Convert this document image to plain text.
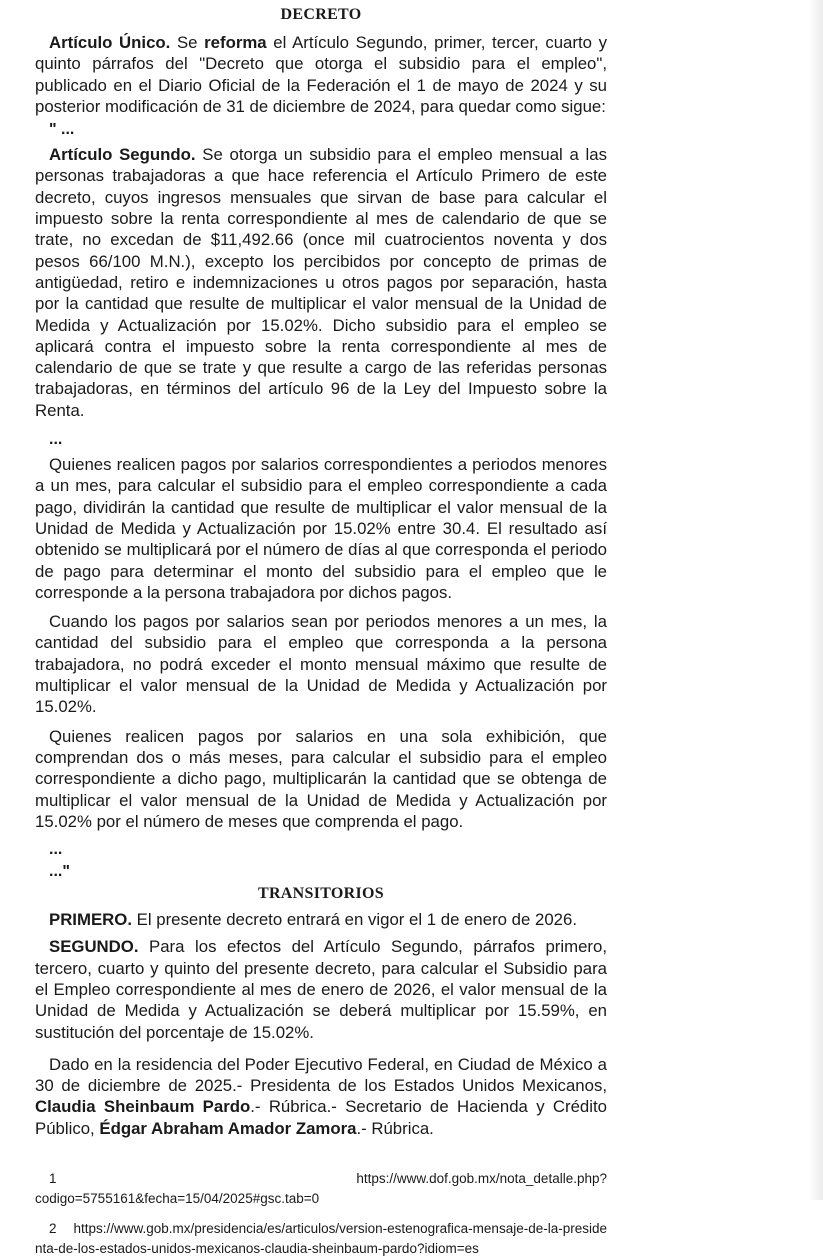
DECRETO
Artículo Único. Se reforma el Artículo Segundo, primer, tercer, cuarto y quinto párrafos del "Decreto que otorga el subsidio para el empleo", publicado en el Diario Oficial de la Federación el 1 de mayo de 2024 y su posterior modificación de 31 de diciembre de 2024, para quedar como sigue:
" ...
Artículo Segundo. Se otorga un subsidio para el empleo mensual a las personas trabajadoras a que hace referencia el Artículo Primero de este decreto, cuyos ingresos mensuales que sirvan de base para calcular el impuesto sobre la renta correspondiente al mes de calendario de que se trate, no excedan de $11,492.66 (once mil cuatrocientos noventa y dos pesos 66/100 M.N.), excepto los percibidos por concepto de primas de antigüedad, retiro e indemnizaciones u otros pagos por separación, hasta por la cantidad que resulte de multiplicar el valor mensual de la Unidad de Medida y Actualización por 15.02%. Dicho subsidio para el empleo se aplicará contra el impuesto sobre la renta correspondiente al mes de calendario de que se trate y que resulte a cargo de las referidas personas trabajadoras, en términos del artículo 96 de la Ley del Impuesto sobre la Renta.
...
Quienes realicen pagos por salarios correspondientes a periodos menores a un mes, para calcular el subsidio para el empleo correspondiente a cada pago, dividirán la cantidad que resulte de multiplicar el valor mensual de la Unidad de Medida y Actualización por 15.02% entre 30.4. El resultado así obtenido se multiplicará por el número de días al que corresponda el periodo de pago para determinar el monto del subsidio para el empleo que le corresponde a la persona trabajadora por dichos pagos.
Cuando los pagos por salarios sean por periodos menores a un mes, la cantidad del subsidio para el empleo que corresponda a la persona trabajadora, no podrá exceder el monto mensual máximo que resulte de multiplicar el valor mensual de la Unidad de Medida y Actualización por 15.02%.
Quienes realicen pagos por salarios en una sola exhibición, que comprendan dos o más meses, para calcular el subsidio para el empleo correspondiente a dicho pago, multiplicarán la cantidad que se obtenga de multiplicar el valor mensual de la Unidad de Medida y Actualización por 15.02% por el número de meses que comprenda el pago.
...
..."
TRANSITORIOS
PRIMERO. El presente decreto entrará en vigor el 1 de enero de 2026.
SEGUNDO. Para los efectos del Artículo Segundo, párrafos primero, tercero, cuarto y quinto del presente decreto, para calcular el Subsidio para el Empleo correspondiente al mes de enero de 2026, el valor mensual de la Unidad de Medida y Actualización se deberá multiplicar por 15.59%, en sustitución del porcentaje de 15.02%.
Dado en la residencia del Poder Ejecutivo Federal, en Ciudad de México a 30 de diciembre de 2025.- Presidenta de los Estados Unidos Mexicanos, Claudia Sheinbaum Pardo.- Rúbrica.- Secretario de Hacienda y Crédito Público, Édgar Abraham Amador Zamora.- Rúbrica.
1	https://www.dof.gob.mx/nota_detalle.php?
codigo=5755161&fecha=15/04/2025#gsc.tab=0
2 https://www.gob.mx/presidencia/es/articulos/version-estenografica-mensaje-de-la-presidenta-de-los-estados-unidos-mexicanos-claudia-sheinbaum-pardo?idiom=es
